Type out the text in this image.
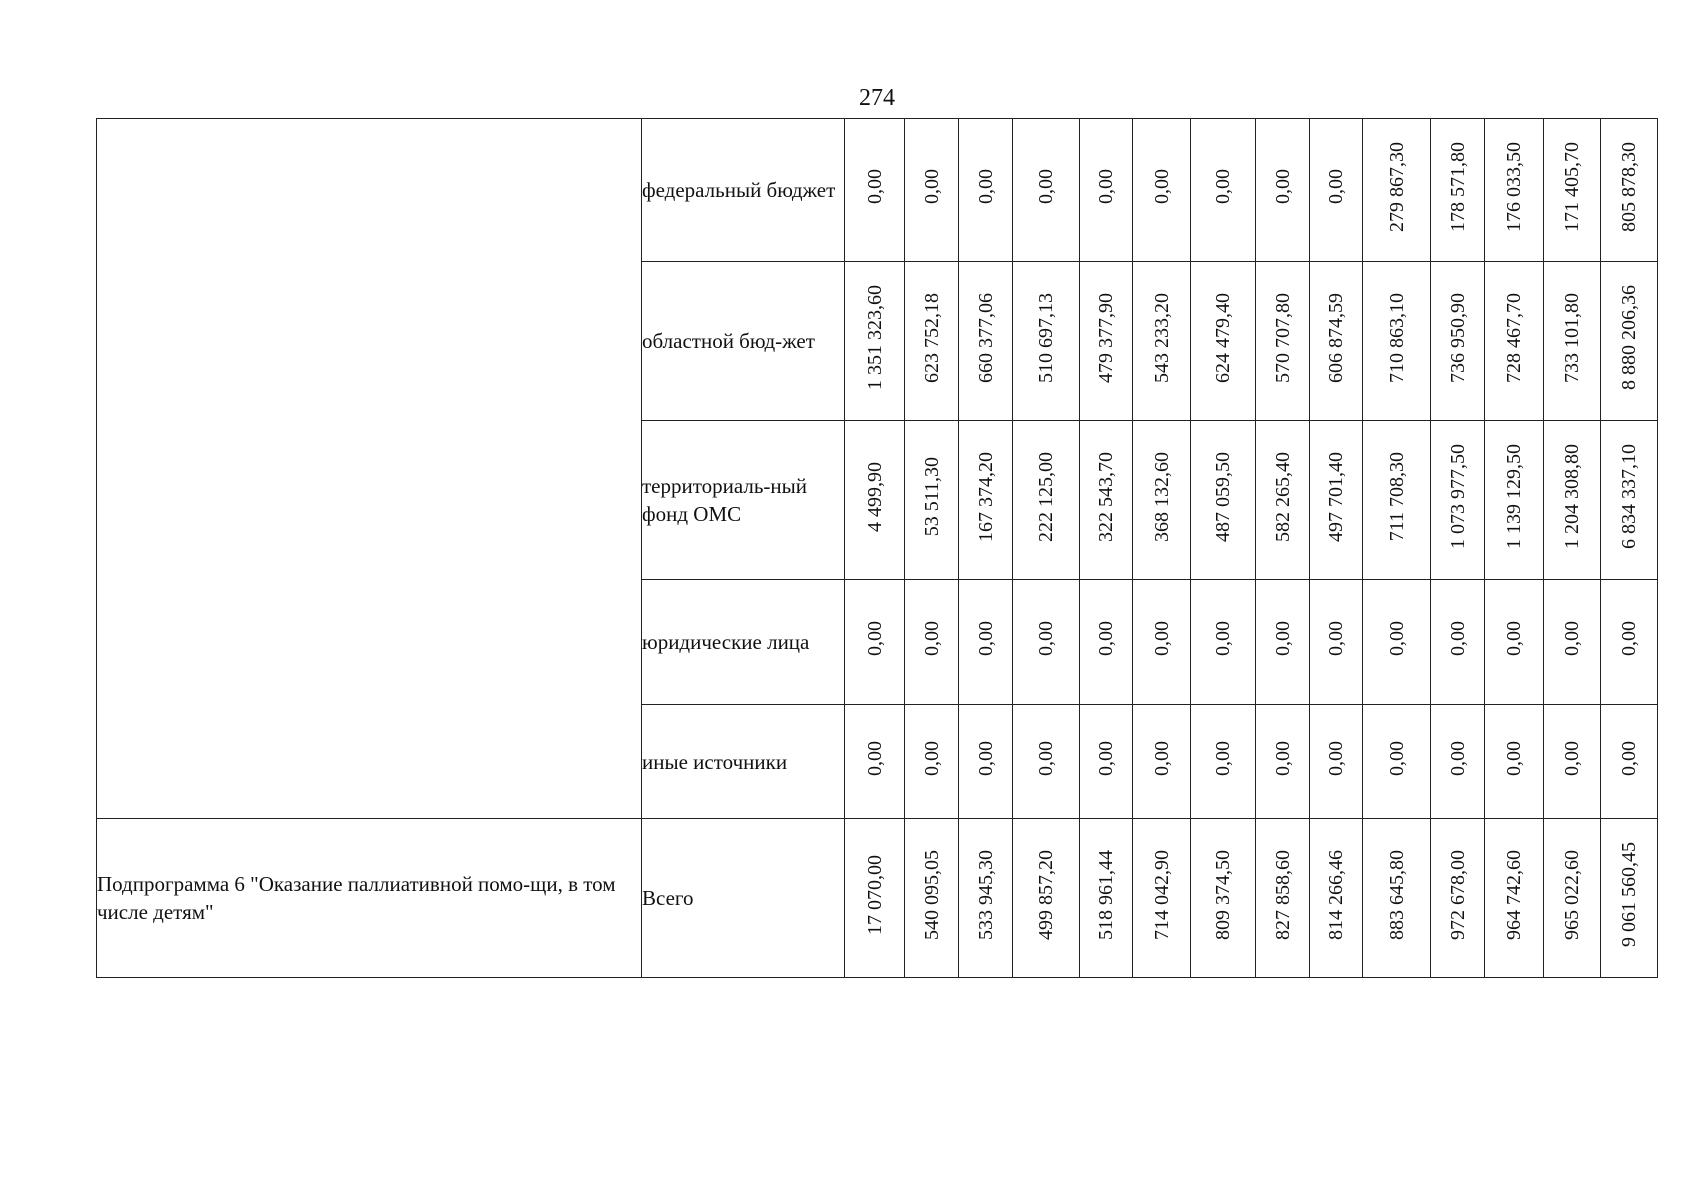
274
	федеральный бюджет	0,00	0,00	0,00	0,00	0,00	0,00	0,00	0,00	0,00	279 867,30	178 571,80	176 033,50	171 405,70	805 878,30
	областной бюд-жет	1 351 323,60	623 752,18	660 377,06	510 697,13	479 377,90	543 233,20	624 479,40	570 707,80	606 874,59	710 863,10	736 950,90	728 467,70	733 101,80	8 880 206,36
	территориаль-ный фонд ОМС	4 499,90	53 511,30	167 374,20	222 125,00	322 543,70	368 132,60	487 059,50	582 265,40	497 701,40	711 708,30	1 073 977,50	1 139 129,50	1 204 308,80	6 834 337,10
	юридические лица	0,00	0,00	0,00	0,00	0,00	0,00	0,00	0,00	0,00	0,00	0,00	0,00	0,00	0,00
	иные источники	0,00	0,00	0,00	0,00	0,00	0,00	0,00	0,00	0,00	0,00	0,00	0,00	0,00	0,00
Подпрограмма 6 "Оказание паллиативной помо-щи, в том числе детям"	Всего	17 070,00	540 095,05	533 945,30	499 857,20	518 961,44	714 042,90	809 374,50	827 858,60	814 266,46	883 645,80	972 678,00	964 742,60	965 022,60	9 061 560,45
